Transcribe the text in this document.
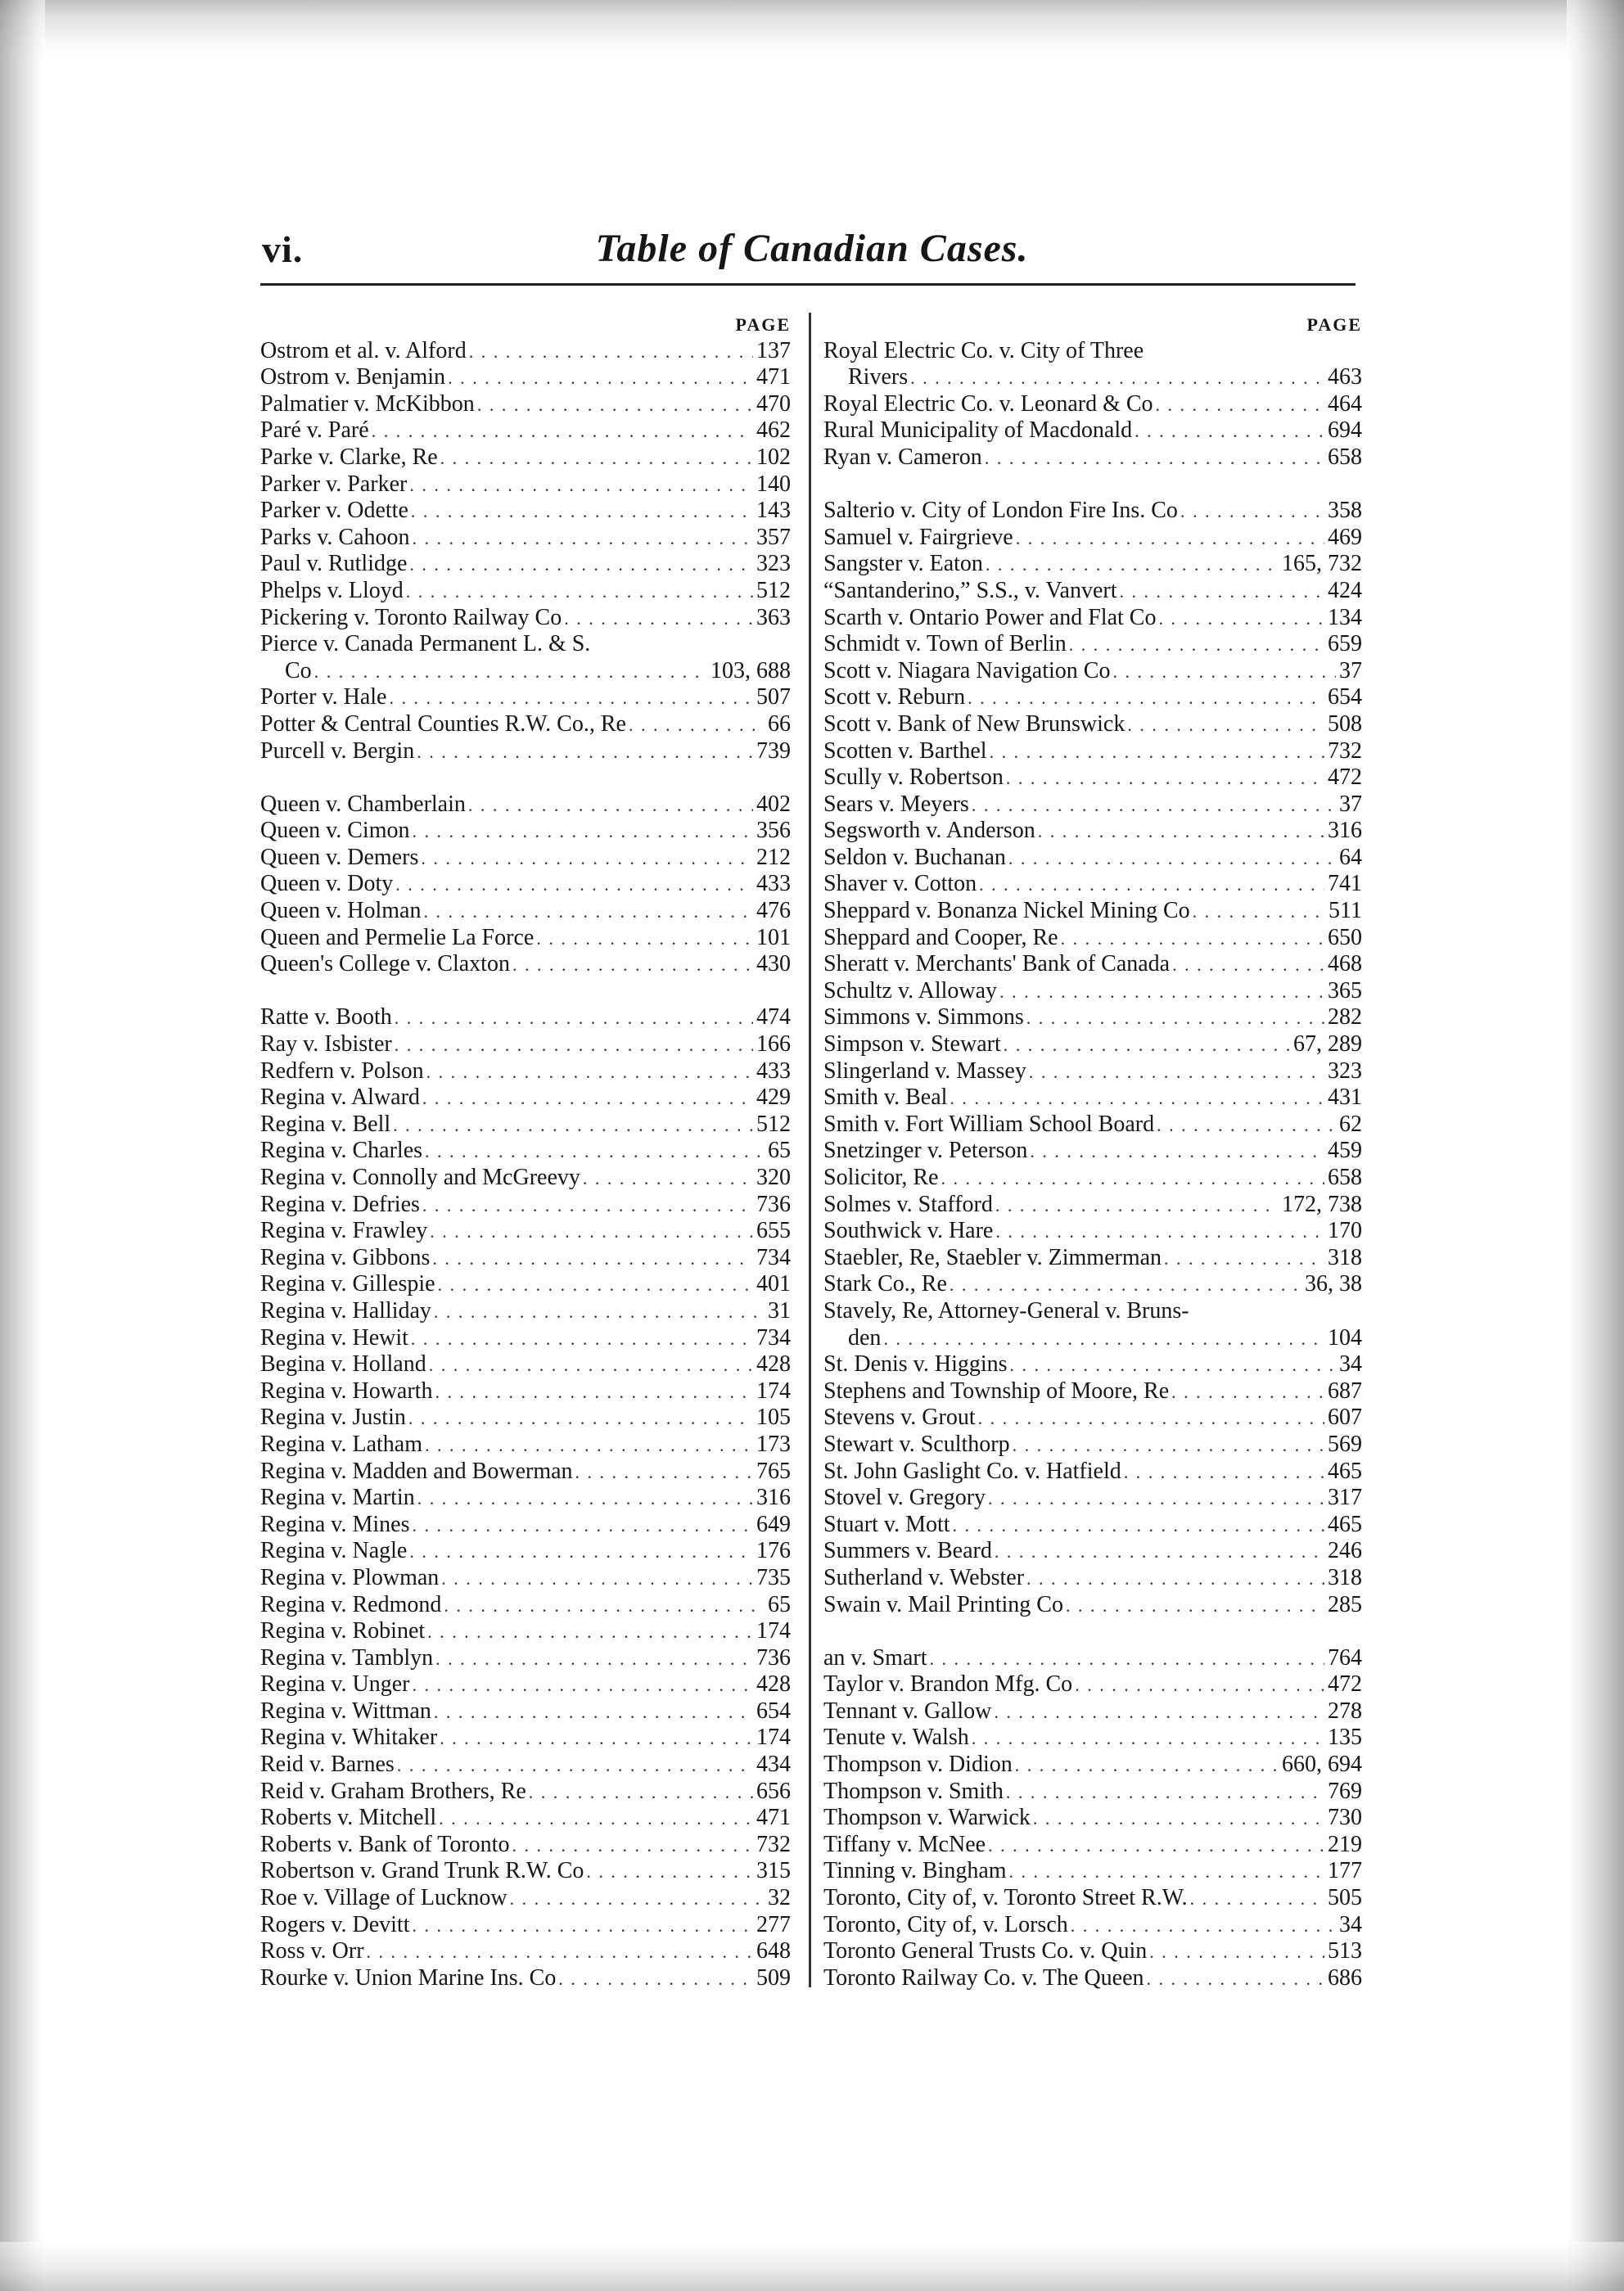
vi.	Table of Canadian Cases.
PAGE
Ostrom et al. v. Alford . . .	137
Ostrom v. Benjamin . . .	471
Palmatier v. McKibbon . . .	470
Paré v. Paré . . .	462
Parke v. Clarke, Re . . .	102
Parker v. Parker . . .	140
Parker v. Odette . . .	143
Parks v. Cahoon . . .	357
Paul v. Rutlidge . . .	323
Phelps v. Lloyd . . .	512
Pickering v. Toronto Railway Co . . .	363
Pierce v. Canada Permanent L. & S.
Co . . .	103, 688
Porter v. Hale . . .	507
Potter & Central Counties R.W. Co., Re . . .	66
Purcell v. Bergin . . .	739
Queen v. Chamberlain . . .	402
Queen v. Cimon . . .	356
Queen v. Demers . . .	212
Queen v. Doty . . .	433
Queen v. Holman . . .	476
Queen and Permelie La Force . . .	101
Queen's College v. Claxton . . .	430
Ratte v. Booth . . .	474
Ray v. Isbister . . .	166
Redfern v. Polson . . .	433
Regina v. Alward . . .	429
Regina v. Bell . . .	512
Regina v. Charles . . .	65
Regina v. Connolly and McGreevy . . .	320
Regina v. Defries . . .	736
Regina v. Frawley . . .	655
Regina v. Gibbons . . .	734
Regina v. Gillespie . . .	401
Regina v. Halliday . . .	31
Regina v. Hewit . . .	734
Begina v. Holland . . .	428
Regina v. Howarth . . .	174
Regina v. Justin . . .	105
Regina v. Latham . . .	173
Regina v. Madden and Bowerman . . .	765
Regina v. Martin . . .	316
Regina v. Mines . . .	649
Regina v. Nagle . . .	176
Regina v. Plowman . . .	735
Regina v. Redmond . . .	65
Regina v. Robinet . . .	174
Regina v. Tamblyn . . .	736
Regina v. Unger . . .	428
Regina v. Wittman . . .	654
Regina v. Whitaker . . .	174
Reid v. Barnes . . .	434
Reid v. Graham Brothers, Re . . .	656
Roberts v. Mitchell . . .	471
Roberts v. Bank of Toronto . . .	732
Robertson v. Grand Trunk R.W. Co . . .	315
Roe v. Village of Lucknow . . .	32
Rogers v. Devitt . . .	277
Ross v. Orr . . .	648
Rourke v. Union Marine Ins. Co . . .	509
PAGE
Royal Electric Co. v. City of Three
Rivers . . .	463
Royal Electric Co. v. Leonard & Co . . .	464
Rural Municipality of Macdonald . . .	694
Ryan v. Cameron . . .	658
Salterio v. City of London Fire Ins. Co . . .	358
Samuel v. Fairgrieve . . .	469
Sangster v. Eaton . . .	165, 732
“Santanderino,” S.S., v. Vanvert . . .	424
Scarth v. Ontario Power and Flat Co . . .	134
Schmidt v. Town of Berlin . . .	659
Scott v. Niagara Navigation Co . . .	37
Scott v. Reburn . . .	654
Scott v. Bank of New Brunswick . . .	508
Scotten v. Barthel . . .	732
Scully v. Robertson . . .	472
Sears v. Meyers . . .	37
Segsworth v. Anderson . . .	316
Seldon v. Buchanan . . .	64
Shaver v. Cotton . . .	741
Sheppard v. Bonanza Nickel Mining Co . . .	511
Sheppard and Cooper, Re . . .	650
Sheratt v. Merchants' Bank of Canada . . .	468
Schultz v. Alloway . . .	365
Simmons v. Simmons . . .	282
Simpson v. Stewart . . .	67, 289
Slingerland v. Massey . . .	323
Smith v. Beal . . .	431
Smith v. Fort William School Board . . .	62
Snetzinger v. Peterson . . .	459
Solicitor, Re . . .	658
Solmes v. Stafford . . .	172, 738
Southwick v. Hare . . .	170
Staebler, Re, Staebler v. Zimmerman . . .	318
Stark Co., Re . . .	36, 38
Stavely, Re, Attorney-General v. Bruns-
den . . .	104
St. Denis v. Higgins . . .	34
Stephens and Township of Moore, Re . . .	687
Stevens v. Grout . . .	607
Stewart v. Sculthorp . . .	569
St. John Gaslight Co. v. Hatfield . . .	465
Stovel v. Gregory . . .	317
Stuart v. Mott . . .	465
Summers v. Beard . . .	246
Sutherland v. Webster . . .	318
Swain v. Mail Printing Co . . .	285
an v. Smart . . .	764
Taylor v. Brandon Mfg. Co . . .	472
Tennant v. Gallow . . .	278
Tenute v. Walsh . . .	135
Thompson v. Didion . . .	660, 694
Thompson v. Smith . . .	769
Thompson v. Warwick . . .	730
Tiffany v. McNee . . .	219
Tinning v. Bingham . . .	177
Toronto, City of, v. Toronto Street R.W. . . .	505
Toronto, City of, v. Lorsch . . .	34
Toronto General Trusts Co. v. Quin . . .	513
Toronto Railway Co. v. The Queen . . .	686
